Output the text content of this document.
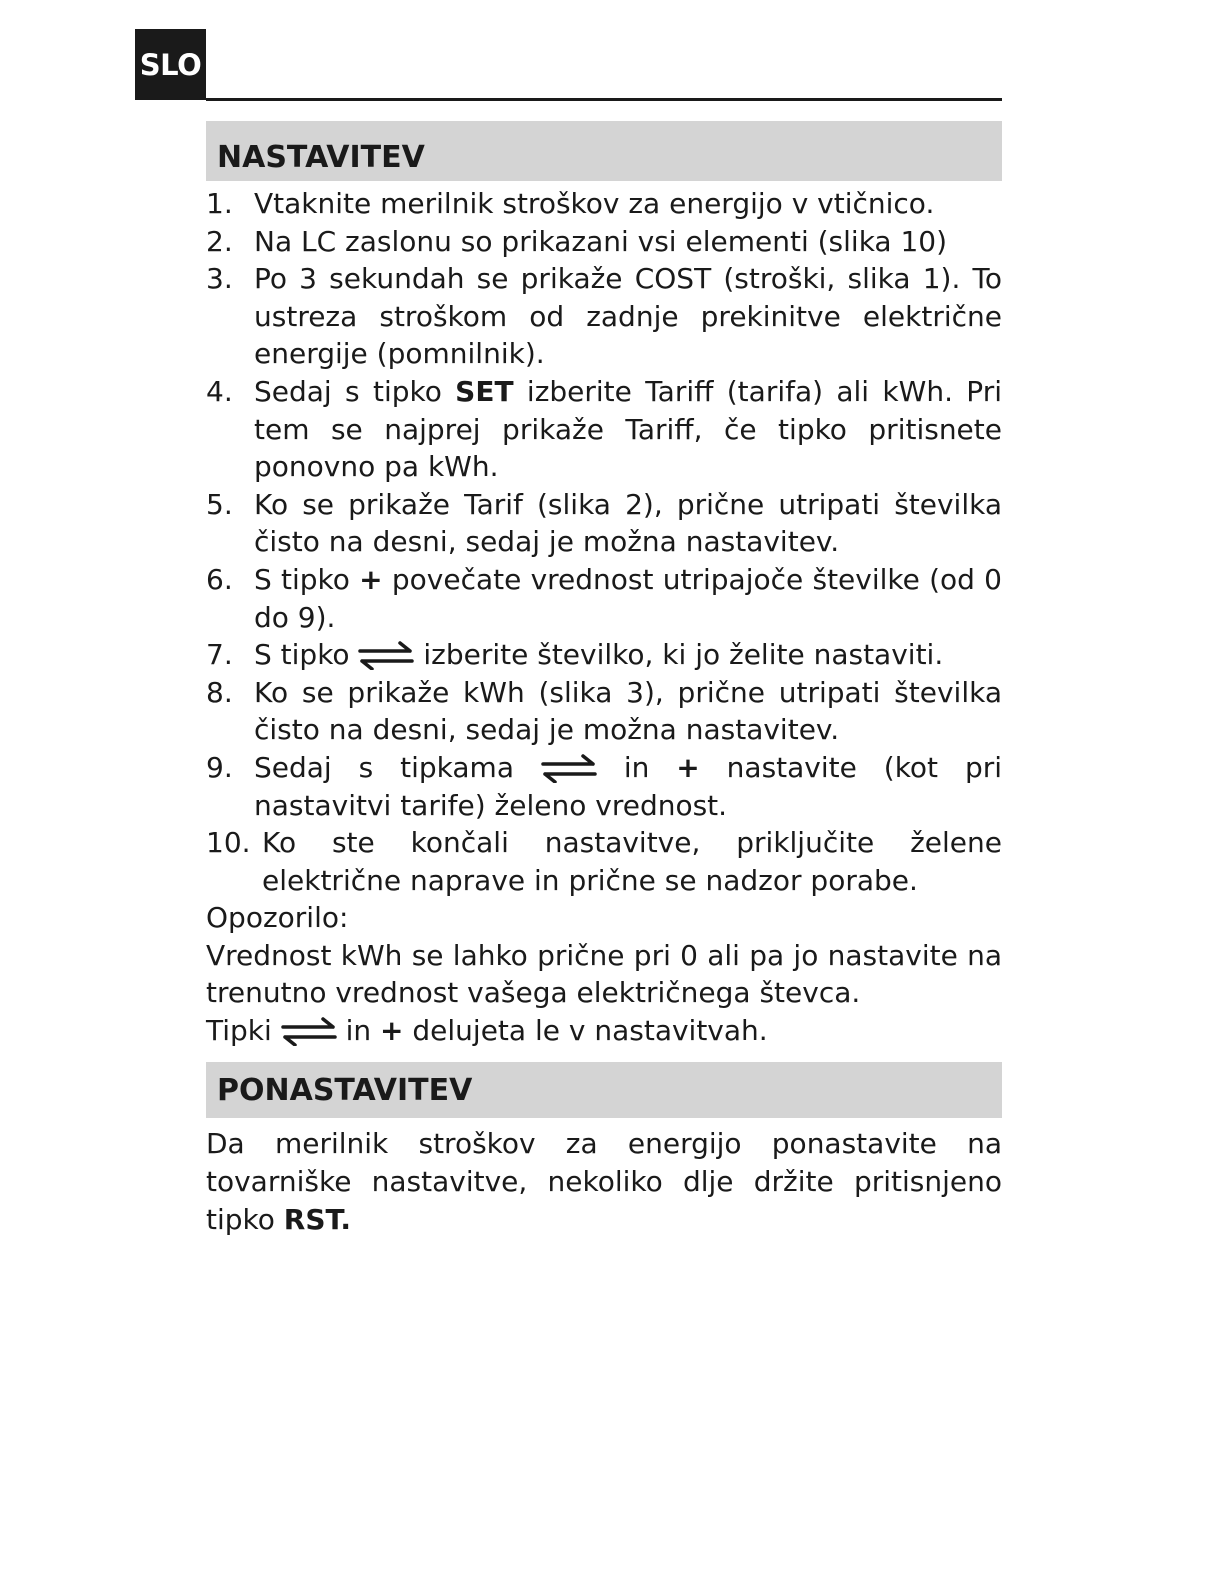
SLO
NASTAVITEV
1. Vtaknite merilnik stroškov za energijo v vtičnico.
2. Na LC zaslonu so prikazani vsi elementi (slika 10)
3. Po 3 sekundah se prikaže COST (stroški, slika 1). To ustreza stroškom od zadnje prekinitve električne energije (pomnilnik).
4. Sedaj s tipko SET izberite Tariff (tarifa) ali kWh. Pri tem se najprej prikaže Tariff, če tipko pritisnete ponovno pa kWh.
5. Ko se prikaže Tarif (slika 2), prične utripati številka čisto na desni, sedaj je možna nastavitev.
6. S tipko + povečate vrednost utripajoče številke (od 0 do 9).
7. S tipko  izberite številko, ki jo želite nastaviti.
8. Ko se prikaže kWh (slika 3), prične utripati številka čisto na desni, sedaj je možna nastavitev.
9. Sedaj s tipkama  in + nastavite (kot pri nastavitvi tarife) želeno vrednost.
10. Ko ste končali nastavitve, priključite želene električne naprave in prične se nadzor porabe.
Opozorilo:
Vrednost kWh se lahko prične pri 0 ali pa jo nastavite na trenutno vrednost vašega električnega števca.
Tipki  in + delujeta le v nastavitvah.
PONASTAVITEV
Da merilnik stroškov za energijo ponastavite na tovarniške nastavitve, nekoliko dlje držite pritisnjeno tipko RST.
